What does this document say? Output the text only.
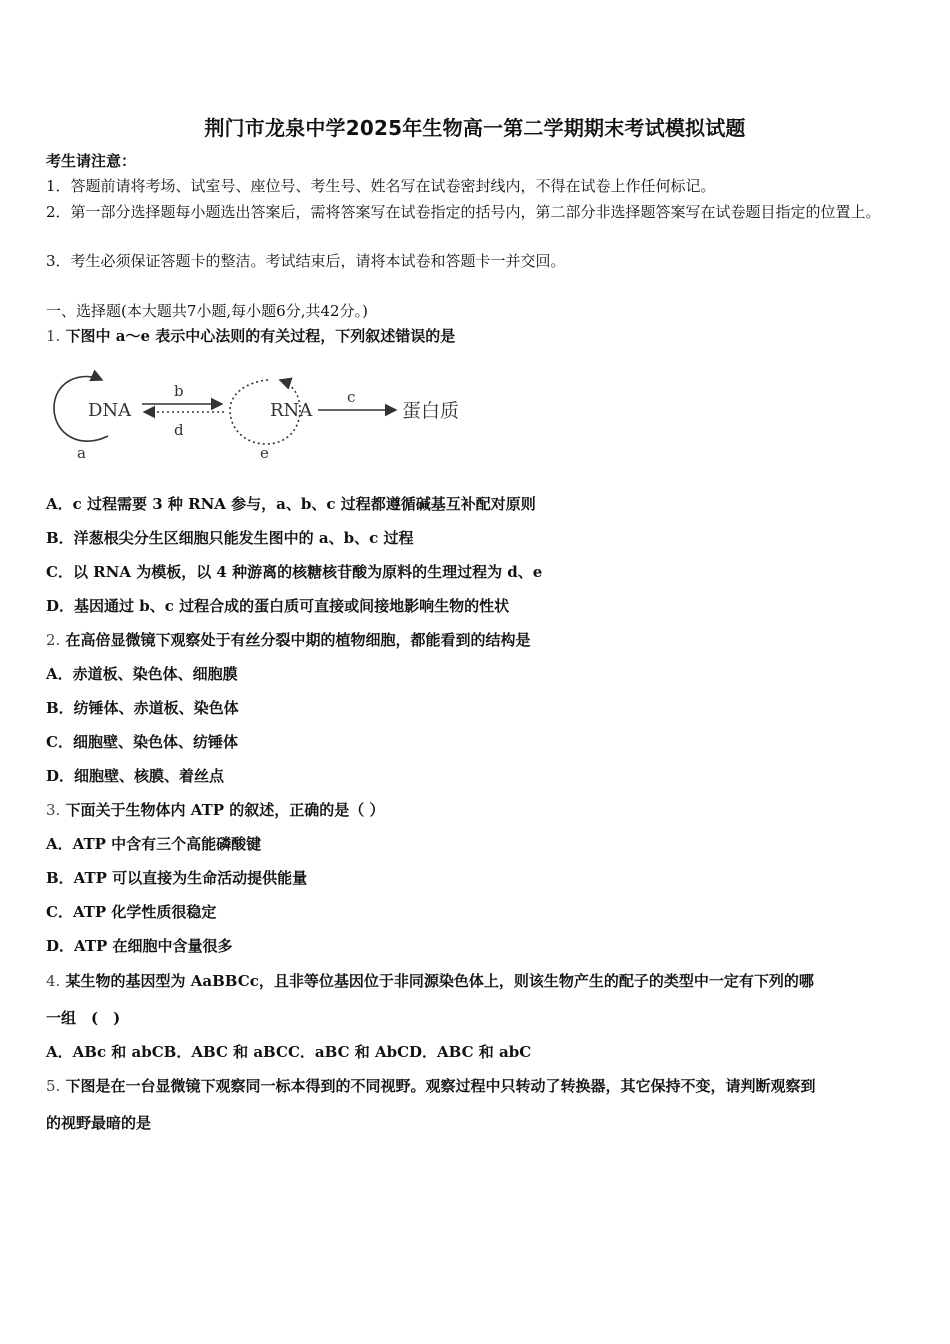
荆门市龙泉中学2025年生物高一第二学期期末考试模拟试题
考生请注意：
1．答题前请将考场、试室号、座位号、考生号、姓名写在试卷密封线内，不得在试卷上作任何标记。
2．第一部分选择题每小题选出答案后，需将答案写在试卷指定的括号内，第二部分非选择题答案写在试卷题目指定的位置上。
3．考生必须保证答题卡的整洁。考试结束后，请将本试卷和答题卡一并交回。
一、选择题(本大题共7小题,每小题6分,共42分。)
1. 下图中 a～e 表示中心法则的有关过程，下列叙述错误的是
DNA
a
b
d
RNA
e
c
蛋白质
A．c 过程需要 3 种 RNA 参与，a、b、c 过程都遵循碱基互补配对原则
B．洋葱根尖分生区细胞只能发生图中的 a、b、c 过程
C．以 RNA 为模板，以 4 种游离的核糖核苷酸为原料的生理过程为 d、e
D．基因通过 b、c 过程合成的蛋白质可直接或间接地影响生物的性状
2. 在高倍显微镜下观察处于有丝分裂中期的植物细胞，都能看到的结构是
A．赤道板、染色体、细胞膜
B．纺锤体、赤道板、染色体
C．细胞壁、染色体、纺锤体
D．细胞壁、核膜、着丝点
3. 下面关于生物体内 ATP 的叙述，正确的是（ ）
A．ATP 中含有三个高能磷酸键
B．ATP 可以直接为生命活动提供能量
C．ATP 化学性质很稳定
D．ATP 在细胞中含量很多
4. 某生物的基因型为 AaBBCc，且非等位基因位于非同源染色体上，则该生物产生的配子的类型中一定有下列的哪
一组　(　)
A．ABc 和 abCB．ABC 和 aBCC．aBC 和 AbCD．ABC 和 abC
5. 下图是在一台显微镜下观察同一标本得到的不同视野。观察过程中只转动了转换器，其它保持不变，请判断观察到
的视野最暗的是
